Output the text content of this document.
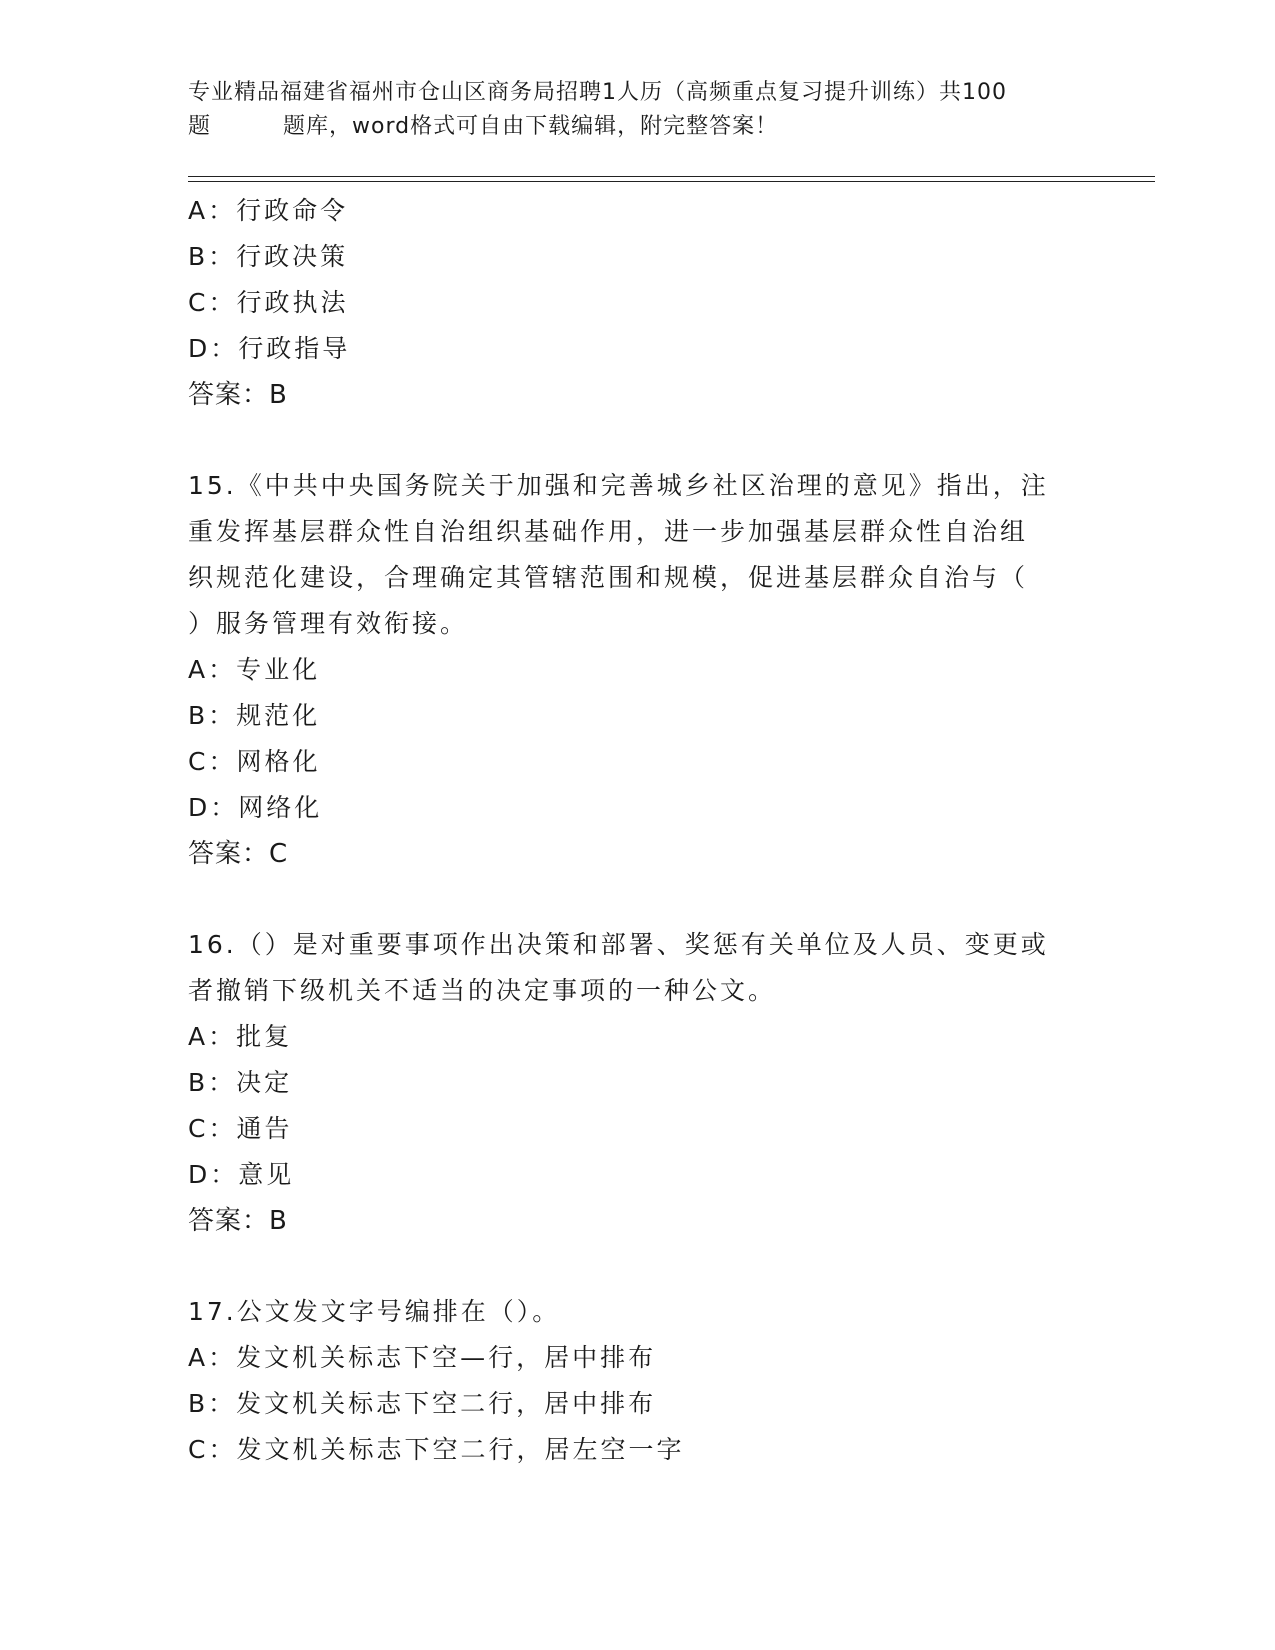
专业精品福建省福州市仓山区商务局招聘1人历（高频重点复习提升训练）共100
题	题库，word格式可自由下载编辑，附完整答案！
A：行政命令
B：行政决策
C：行政执法
D：行政指导
答案：B
15.《中共中央国务院关于加强和完善城乡社区治理的意见》指出，注
重发挥基层群众性自治组织基础作用，进一步加强基层群众性自治组
织规范化建设，合理确定其管辖范围和规模，促进基层群众自治与（
）服务管理有效衔接。
A：专业化
B：规范化
C：网格化
D：网络化
答案：C
16.（）是对重要事项作出决策和部署、奖惩有关单位及人员、变更或
者撤销下级机关不适当的决定事项的一种公文。
A：批复
B：决定
C：通告
D：意见
答案：B
17.公文发文字号编排在（）。
A：发文机关标志下空—行，居中排布
B：发文机关标志下空二行，居中排布
C：发文机关标志下空二行，居左空一字
